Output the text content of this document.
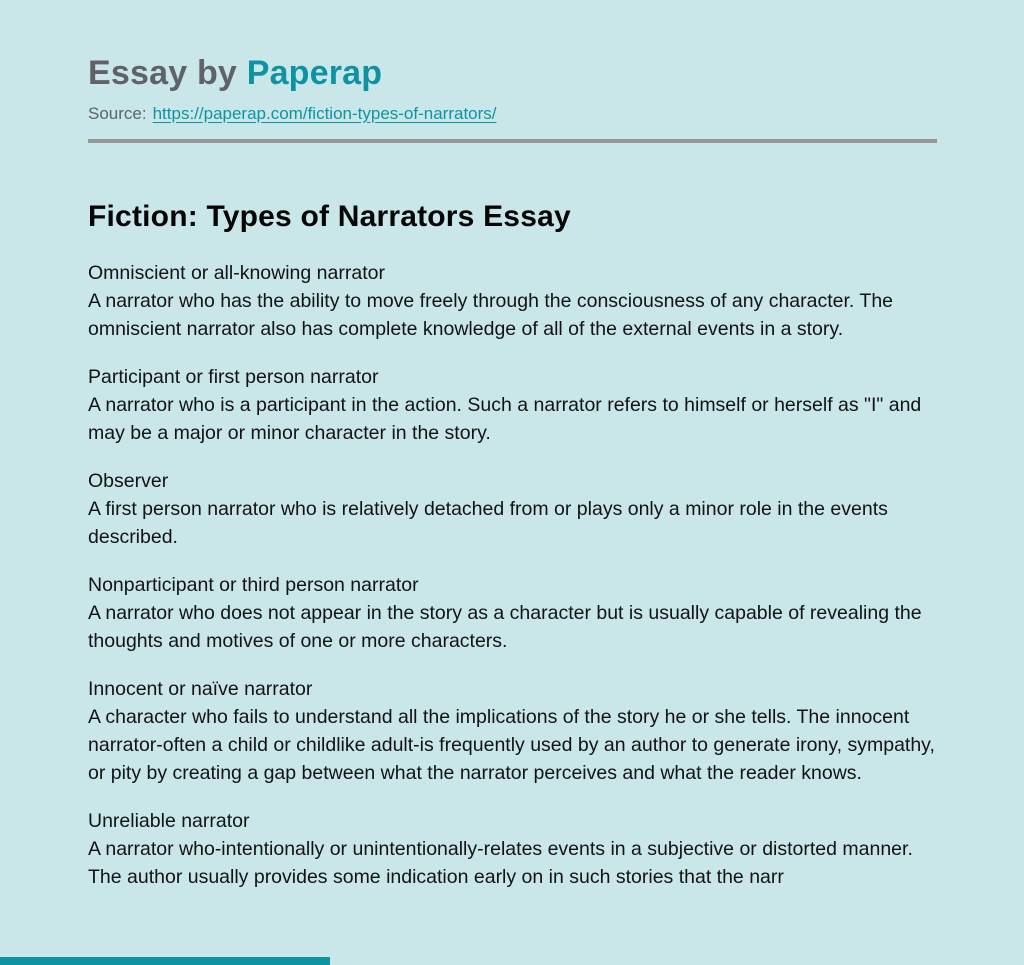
Essay by Paperap
Source: https://paperap.com/fiction-types-of-narrators/
Fiction: Types of Narrators Essay
Omniscient or all-knowing narrator
A narrator who has the ability to move freely through the consciousness of any character. The omniscient narrator also has complete knowledge of all of the external events in a story.
Participant or first person narrator
A narrator who is a participant in the action. Such a narrator refers to himself or herself as "I" and may be a major or minor character in the story.
Observer
A first person narrator who is relatively detached from or plays only a minor role in the events described.
Nonparticipant or third person narrator
A narrator who does not appear in the story as a character but is usually capable of revealing the thoughts and motives of one or more characters.
Innocent or naïve narrator
A character who fails to understand all the implications of the story he or she tells. The innocent narrator-often a child or childlike adult-is frequently used by an author to generate irony, sympathy, or pity by creating a gap between what the narrator perceives and what the reader knows.
Unreliable narrator
A narrator who-intentionally or unintentionally-relates events in a subjective or distorted manner. The author usually provides some indication early on in such stories that the narr
